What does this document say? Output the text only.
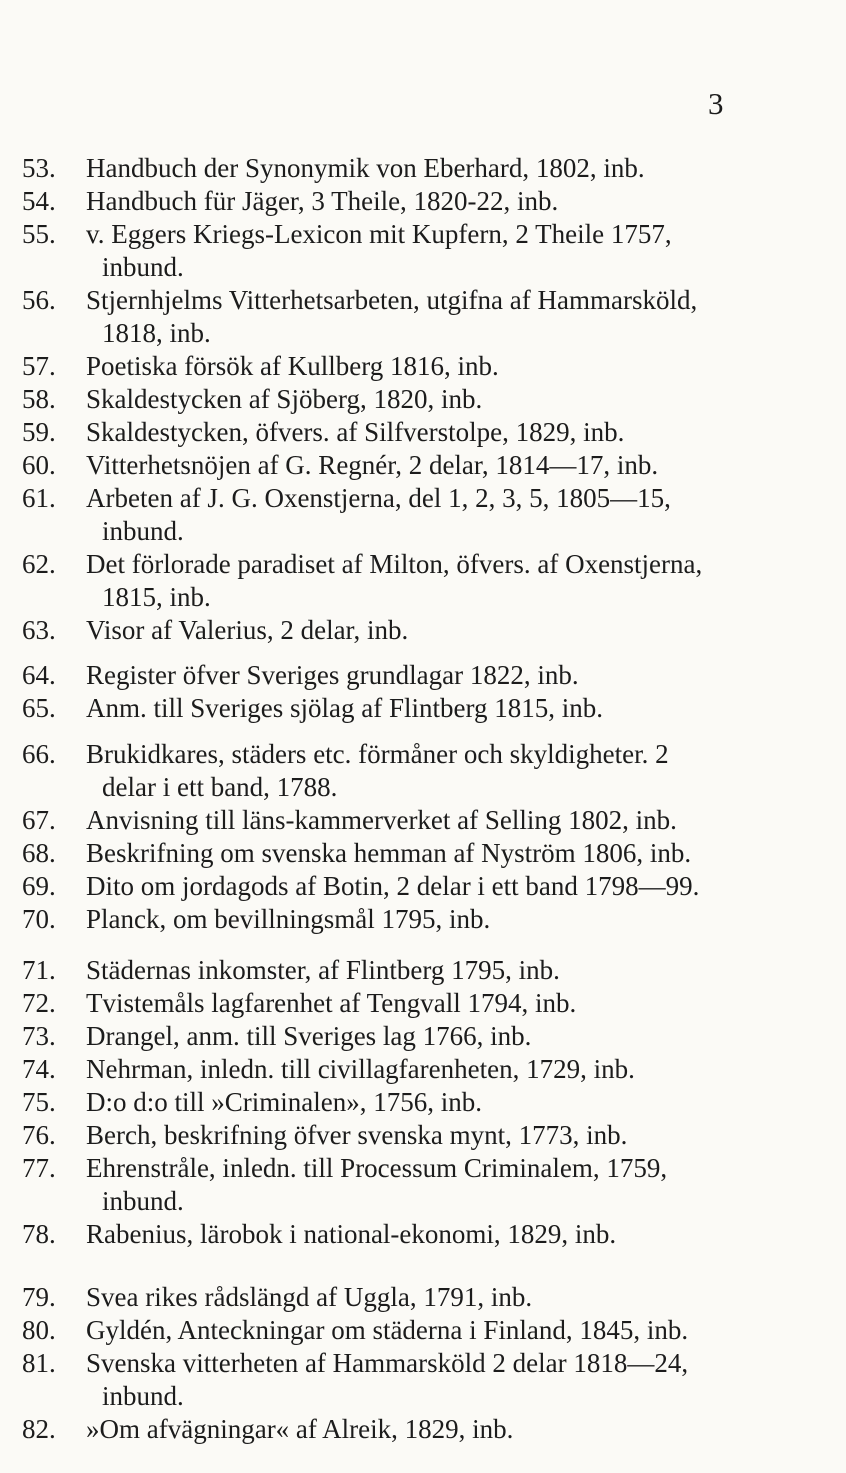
3
53.	Handbuch der Synonymik von Eberhard, 1802, inb.
54.	Handbuch für Jäger, 3 Theile, 1820-22, inb.
55.	v. Eggers Kriegs-Lexicon mit Kupfern, 2 Theile 1757,
inbund.
56.	Stjernhjelms Vitterhetsarbeten, utgifna af Hammarsköld,
1818, inb.
57.	Poetiska försök af Kullberg 1816, inb.
58.	Skaldestycken af Sjöberg, 1820, inb.
59.	Skaldestycken, öfvers. af Silfverstolpe, 1829, inb.
60.	Vitterhetsnöjen af G. Regnér, 2 delar, 1814—17, inb.
61.	Arbeten af J. G. Oxenstjerna, del 1, 2, 3, 5, 1805—15,
inbund.
62.	Det förlorade paradiset af Milton, öfvers. af Oxenstjerna,
1815, inb.
63.	Visor af Valerius, 2 delar, inb.
64.	Register öfver Sveriges grundlagar 1822, inb.
65.	Anm. till Sveriges sjölag af Flintberg 1815, inb.
66.	Brukidkares, städers etc. förmåner och skyldigheter. 2
delar i ett band, 1788.
67.	Anvisning till läns-kammerverket af Selling 1802, inb.
68.	Beskrifning om svenska hemman af Nyström 1806, inb.
69.	Dito om jordagods af Botin, 2 delar i ett band 1798—99.
70.	Planck, om bevillningsmål 1795, inb.
71.	Städernas inkomster, af Flintberg 1795, inb.
72.	Tvistemåls lagfarenhet af Tengvall 1794, inb.
73.	Drangel, anm. till Sveriges lag 1766, inb.
74.	Nehrman, inledn. till civillagfarenheten, 1729, inb.
75.	D:o d:o till »Criminalen», 1756, inb.
76.	Berch, beskrifning öfver svenska mynt, 1773, inb.
77.	Ehrenstråle, inledn. till Processum Criminalem, 1759,
inbund.
78.	Rabenius, lärobok i national-ekonomi, 1829, inb.
79.	Svea rikes rådslängd af Uggla, 1791, inb.
80.	Gyldén, Anteckningar om städerna i Finland, 1845, inb.
81.	Svenska vitterheten af Hammarsköld 2 delar 1818—24,
inbund.
82.	»Om afvägningar« af Alreik, 1829, inb.
